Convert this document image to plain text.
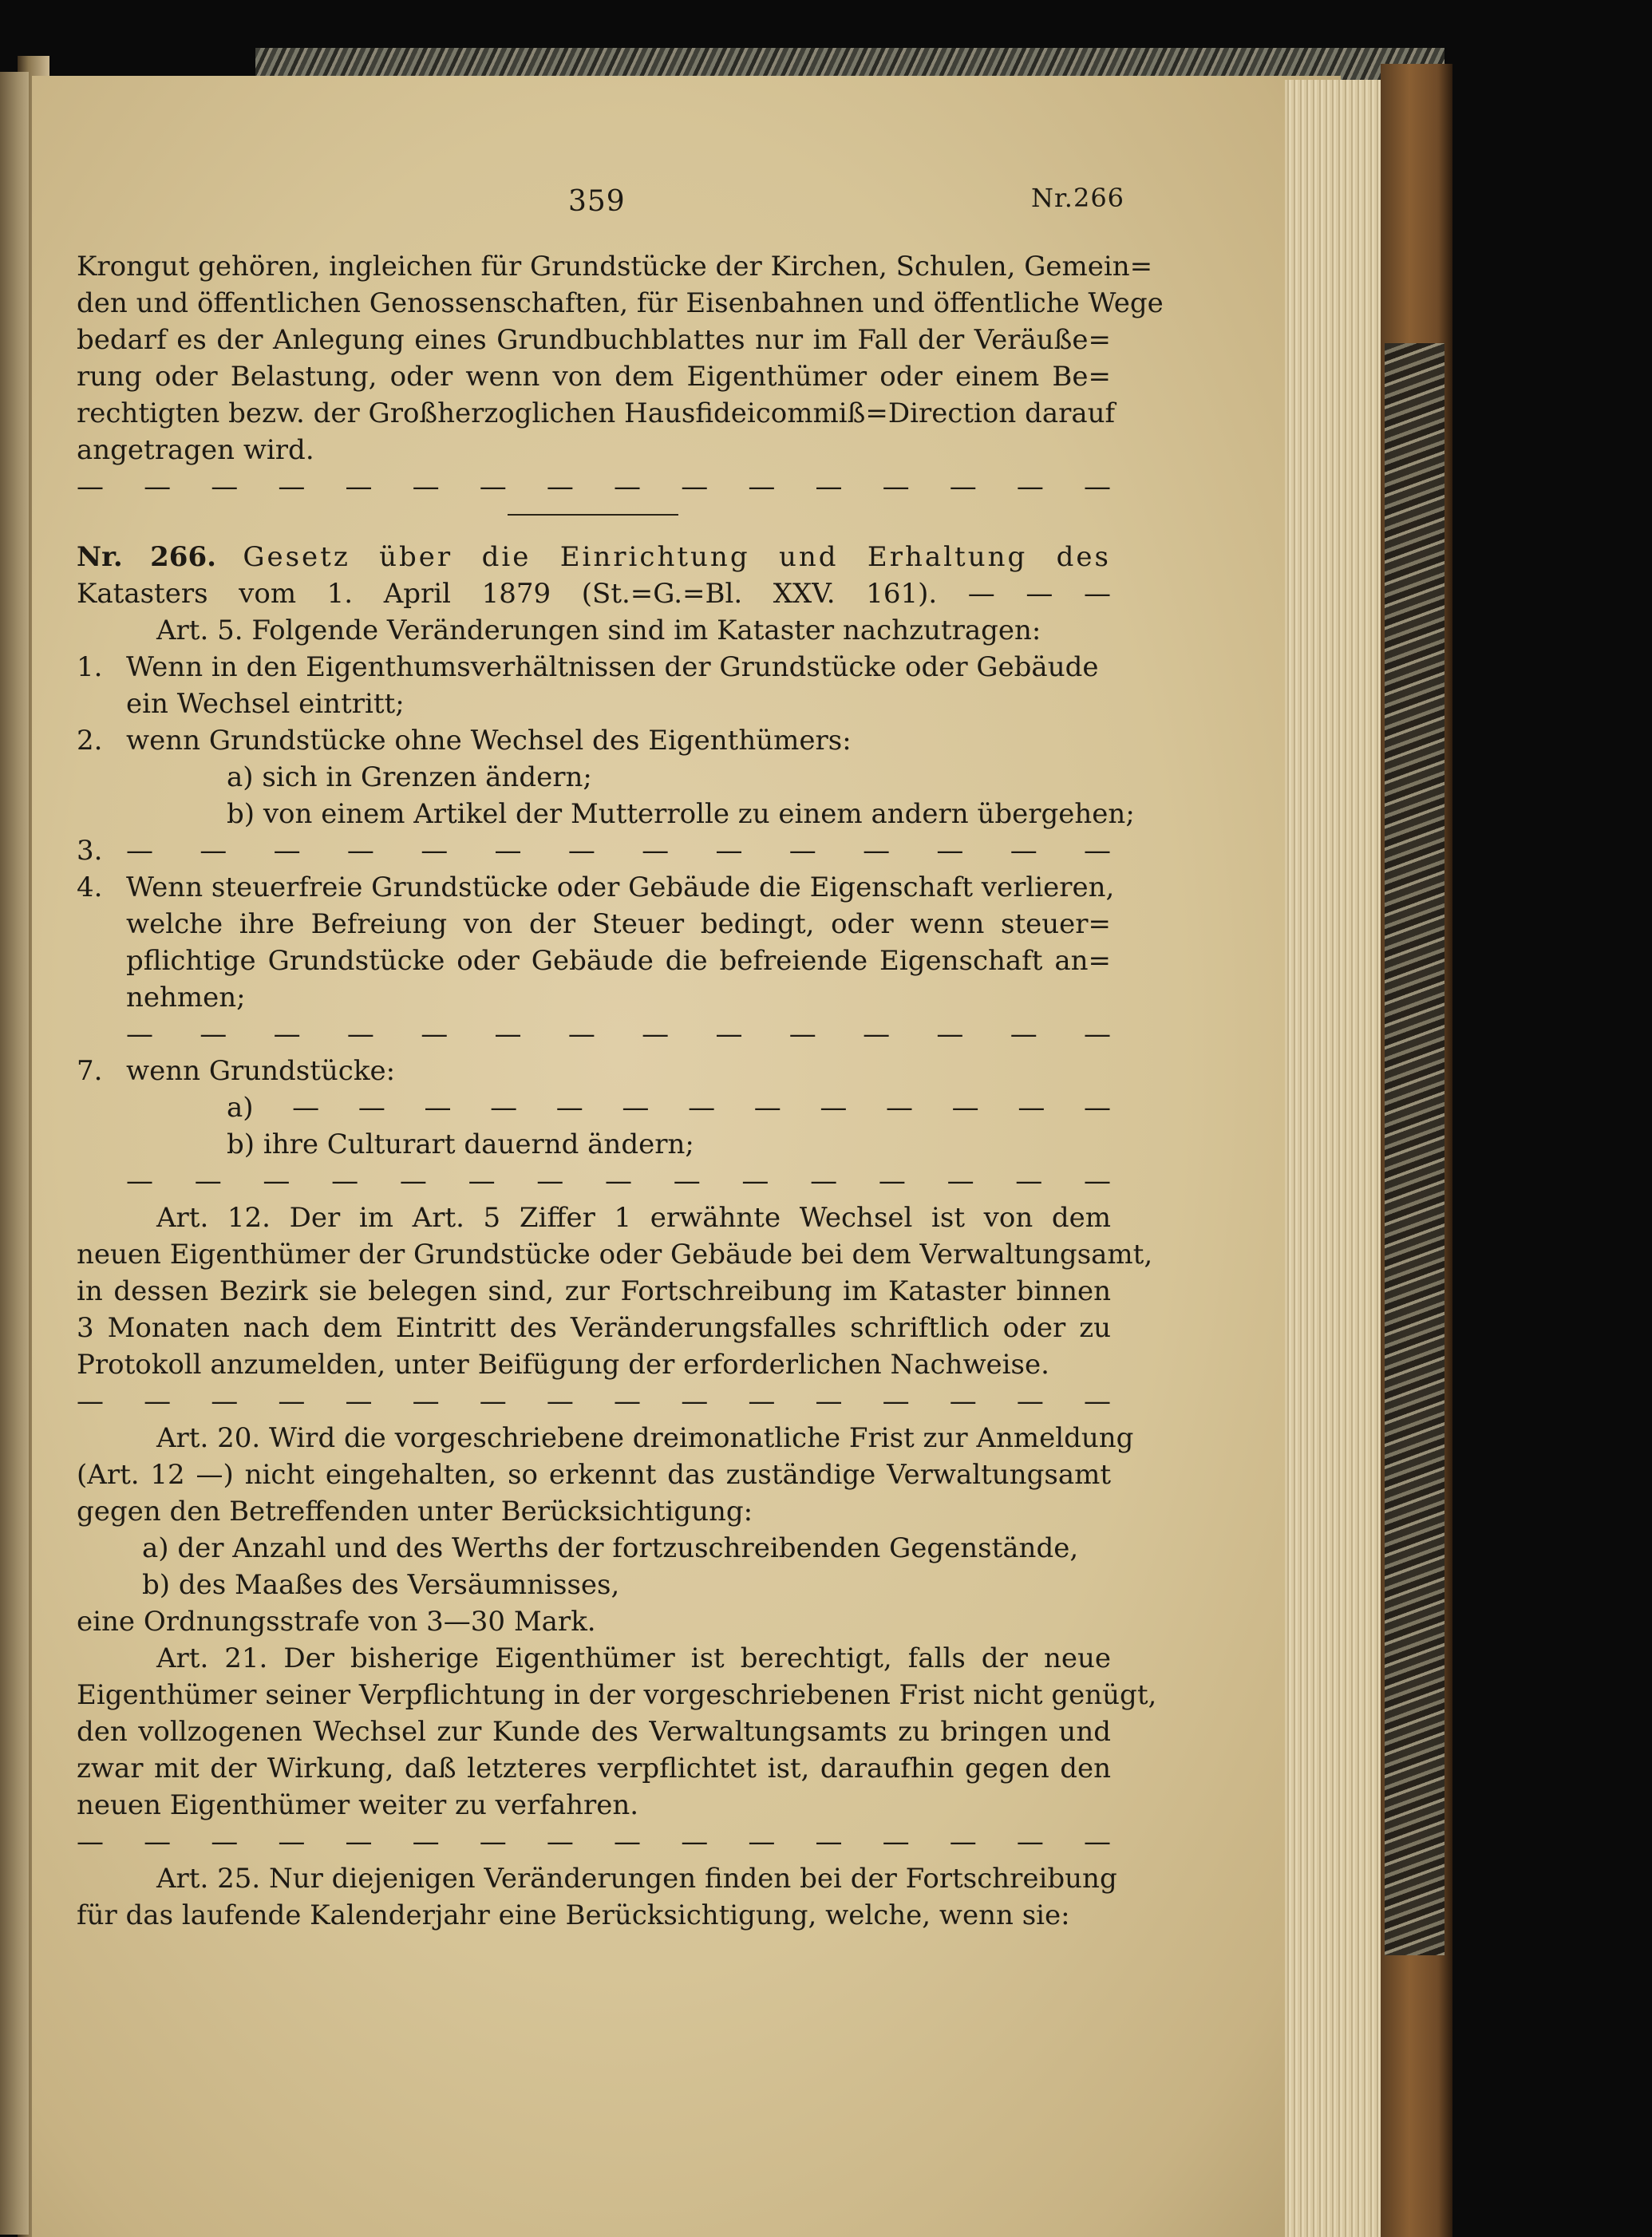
359	Nr.266
Krongut gehören, ingleichen für Grundstücke der Kirchen, Schulen, Gemein=
den und öffentlichen Genossenschaften, für Eisenbahnen und öffentliche Wege
bedarf es der Anlegung eines Grundbuchblattes nur im Fall der Veräuße=
rung oder Belastung, oder wenn von dem Eigenthümer oder einem Be=
rechtigten bezw. der Großherzoglichen Hausfideicommiß=Direction darauf
angetragen wird.
— — — — — — — — — — — — — — — —
Nr. 266. Gesetz über die Einrichtung und Erhaltung des
Katasters vom 1. April 1879 (St.=G.=Bl. XXV. 161). — — —
Art. 5. Folgende Veränderungen sind im Kataster nachzutragen:
1. Wenn in den Eigenthumsverhältnissen der Grundstücke oder Gebäude
ein Wechsel eintritt;
2. wenn Grundstücke ohne Wechsel des Eigenthümers:
a) sich in Grenzen ändern;
b) von einem Artikel der Mutterrolle zu einem andern übergehen;
3. — — — — — — — — — — — — — —
4. Wenn steuerfreie Grundstücke oder Gebäude die Eigenschaft verlieren,
welche ihre Befreiung von der Steuer bedingt, oder wenn steuer=
pflichtige Grundstücke oder Gebäude die befreiende Eigenschaft an=
nehmen;
— — — — — — — — — — — — — —
7. wenn Grundstücke:
a) — — — — — — — — — — — — —
b) ihre Culturart dauernd ändern;
— — — — — — — — — — — — — — —
Art. 12. Der im Art. 5 Ziffer 1 erwähnte Wechsel ist von dem
neuen Eigenthümer der Grundstücke oder Gebäude bei dem Verwaltungsamt,
in dessen Bezirk sie belegen sind, zur Fortschreibung im Kataster binnen
3 Monaten nach dem Eintritt des Veränderungsfalles schriftlich oder zu
Protokoll anzumelden, unter Beifügung der erforderlichen Nachweise.
— — — — — — — — — — — — — — — —
Art. 20. Wird die vorgeschriebene dreimonatliche Frist zur Anmeldung
(Art. 12 —) nicht eingehalten, so erkennt das zuständige Verwaltungsamt
gegen den Betreffenden unter Berücksichtigung:
a) der Anzahl und des Werths der fortzuschreibenden Gegenstände,
b) des Maaßes des Versäumnisses,
eine Ordnungsstrafe von 3—30 Mark.
Art. 21. Der bisherige Eigenthümer ist berechtigt, falls der neue
Eigenthümer seiner Verpflichtung in der vorgeschriebenen Frist nicht genügt,
den vollzogenen Wechsel zur Kunde des Verwaltungsamts zu bringen und
zwar mit der Wirkung, daß letzteres verpflichtet ist, daraufhin gegen den
neuen Eigenthümer weiter zu verfahren.
— — — — — — — — — — — — — — — —
Art. 25. Nur diejenigen Veränderungen finden bei der Fortschreibung
für das laufende Kalenderjahr eine Berücksichtigung, welche, wenn sie:
